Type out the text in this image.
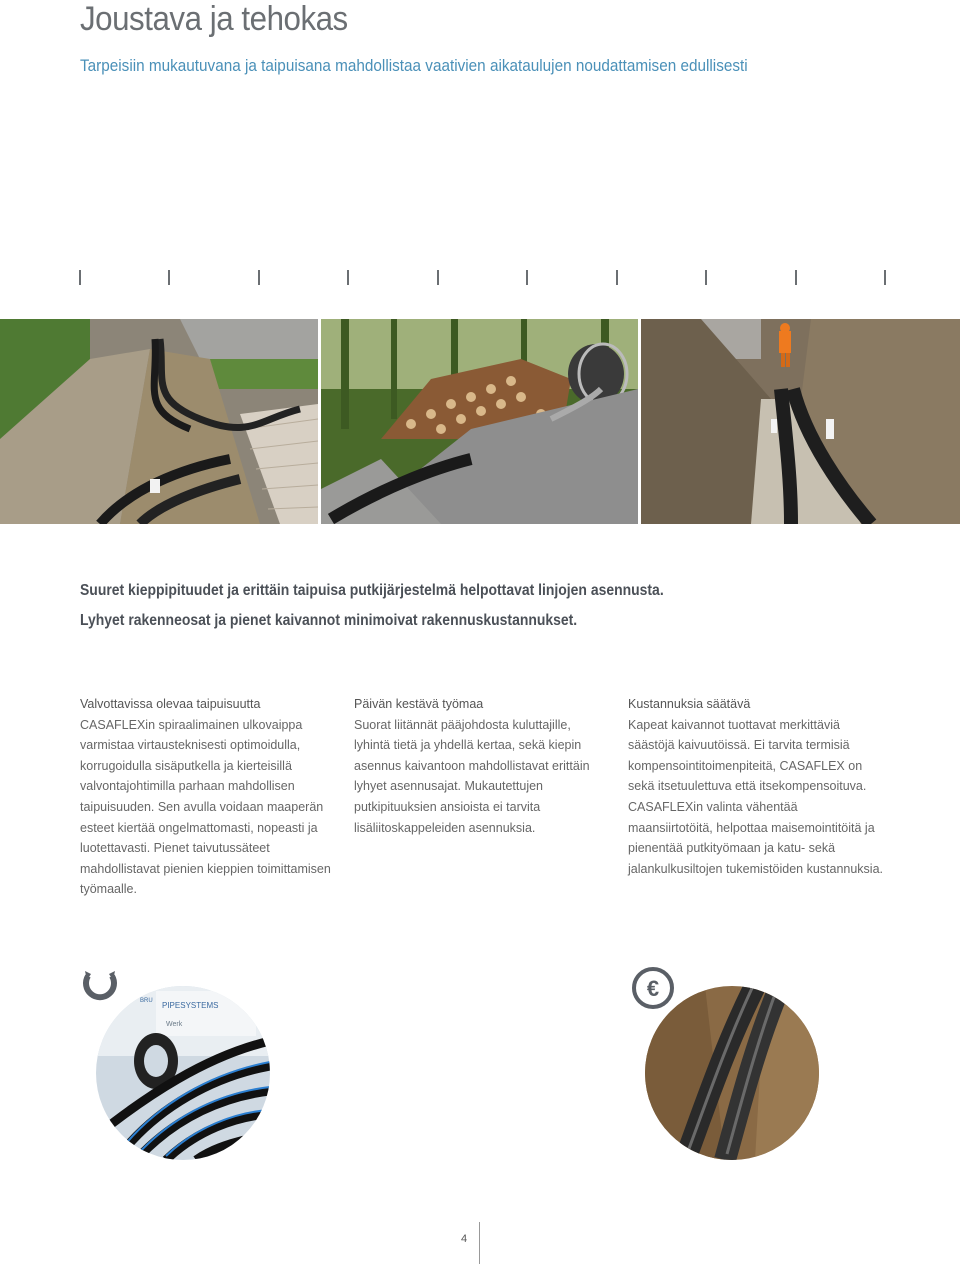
Joustava ja tehokas

Tarpeisiin mukautuvana ja taipuisana mahdollistaa vaativien aikataulujen noudattamisen edullisesti

Suuret kieppipituudet ja erittäin taipuisa putkijärjestelmä helpottavat linjojen asennusta.
Lyhyet rakenneosat ja pienet kaivannot minimoivat rakennuskustannukset.

Valvottavissa olevaa taipuisuutta

CASAFLEXin spiraalimainen ulkovaippa varmistaa virtausteknisesti optimoidulla, korrugoidulla sisäputkella ja kierteisillä valvontajohtimilla parhaan mahdollisen taipuisuuden. Sen avulla voidaan maaperän esteet kiertää ongelmattomasti, nopeasti ja luotettavasti. Pienet taivutussäteet mahdollistavat pienien kieppien toimittamisen työmaalle.

Päivän kestävä työmaa

Suorat liitännät pääjohdosta kuluttajille, lyhintä tietä ja yhdellä kertaa, sekä kiepin asennus kaivantoon mahdollistavat erittäin lyhyet asennusajat. Mukautettujen putkipituuksien ansioista ei tarvita lisäliitoskappeleiden asennuksia.

Kustannuksia säätävä

Kapeat kaivannot tuottavat merkittäviä säästöjä kaivuutöissä. Ei tarvita termisiä kompensointitoimenpiteitä, CASAFLEX on sekä itsetuulettuva että itsekompensoituva. CASAFLEXin valinta vähentää maansiirtotöitä, helpottaa maisemointitöitä ja pienentää putkityömaan ja katu- sekä jalankulkusiltojen tukemistöiden kustannuksia.

PIPESYSTEMS
Werk
BRU	€
4
